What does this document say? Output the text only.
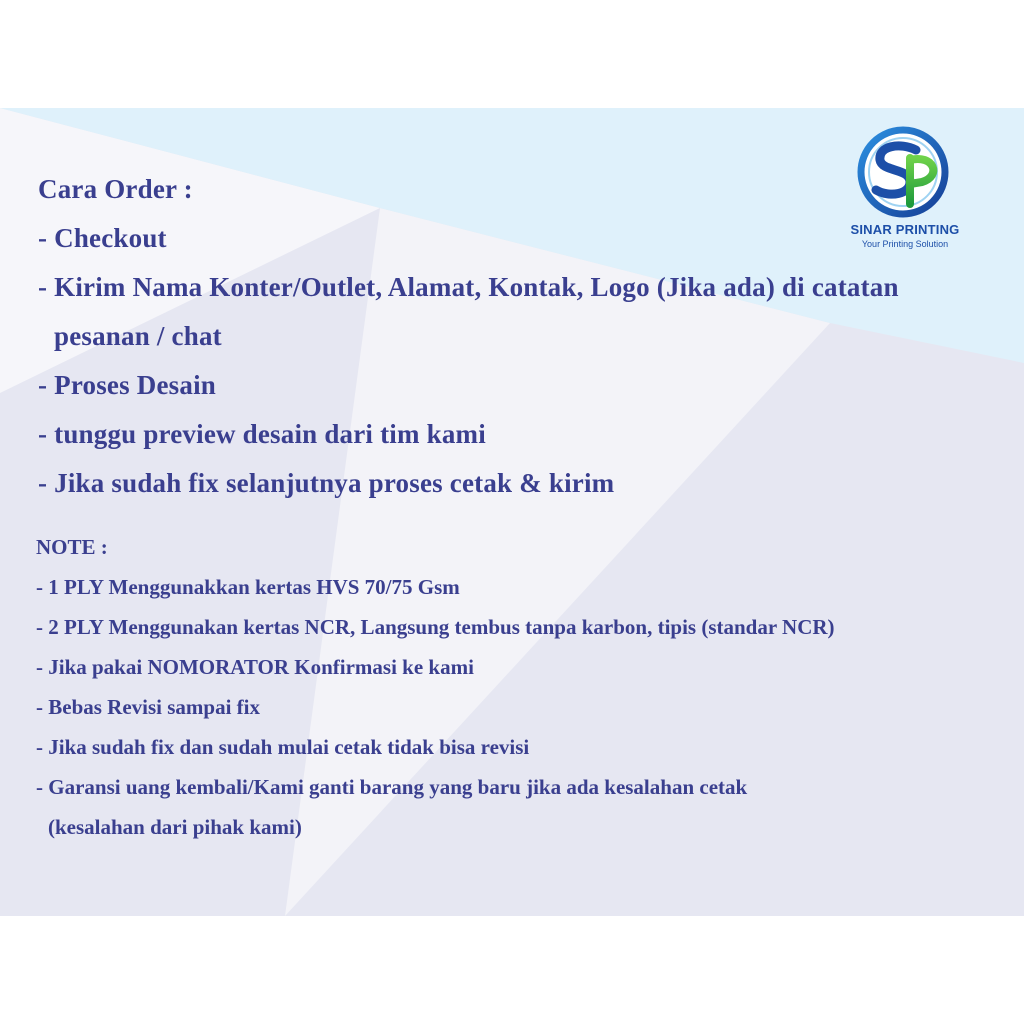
Cara Order :

- Checkout

- Kirim Nama Konter/Outlet, Alamat, Kontak, Logo (Jika ada) di catatan

pesanan / chat

- Proses Desain

- tunggu preview desain dari tim kami

- Jika sudah fix selanjutnya proses cetak & kirim

NOTE :

- 1 PLY Menggunakkan kertas HVS 70/75 Gsm

- 2 PLY Menggunakan kertas NCR, Langsung tembus tanpa karbon, tipis (standar NCR)

- Jika pakai NOMORATOR Konfirmasi ke kami

- Bebas Revisi sampai fix

- Jika sudah fix dan sudah mulai cetak tidak bisa revisi

- Garansi uang kembali/Kami ganti barang yang baru jika ada kesalahan cetak

(kesalahan dari pihak kami)

SINAR PRINTING
Your Printing Solution
